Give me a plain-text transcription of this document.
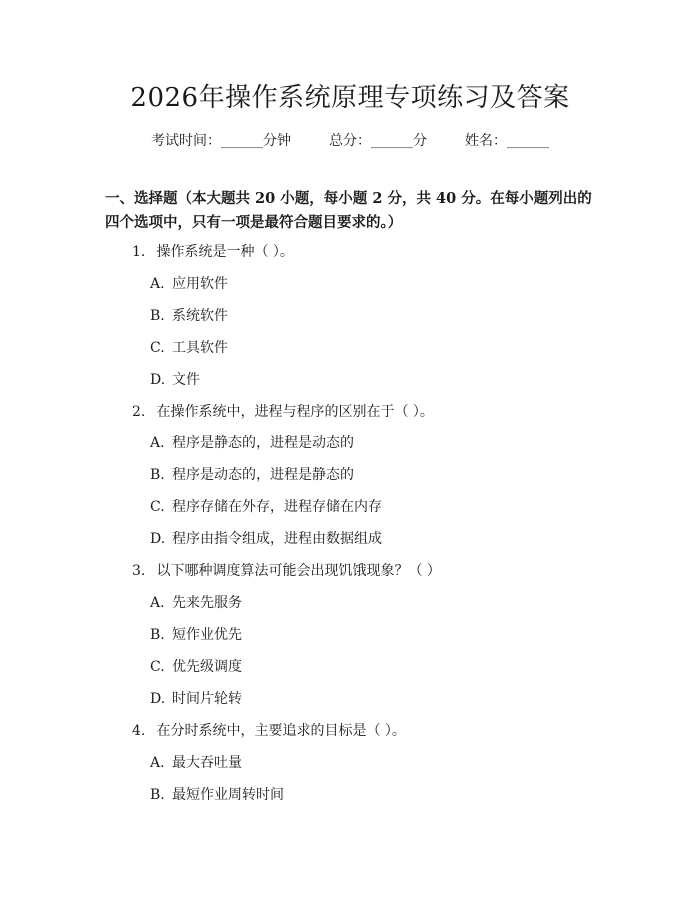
2026年操作系统原理专项练习及答案
考试时间：______分钟	总分：______分	姓名：______
一、选择题（本大题共 20 小题，每小题 2 分，共 40 分。在每小题列出的四个选项中，只有一项是最符合题目要求的。）
1. 操作系统是一种（ ）。
A. 应用软件
B. 系统软件
C. 工具软件
D. 文件
2. 在操作系统中，进程与程序的区别在于（ ）。
A. 程序是静态的，进程是动态的
B. 程序是动态的，进程是静态的
C. 程序存储在外存，进程存储在内存
D. 程序由指令组成，进程由数据组成
3. 以下哪种调度算法可能会出现饥饿现象？（ ）
A. 先来先服务
B. 短作业优先
C. 优先级调度
D. 时间片轮转
4. 在分时系统中，主要追求的目标是（ ）。
A. 最大吞吐量
B. 最短作业周转时间
